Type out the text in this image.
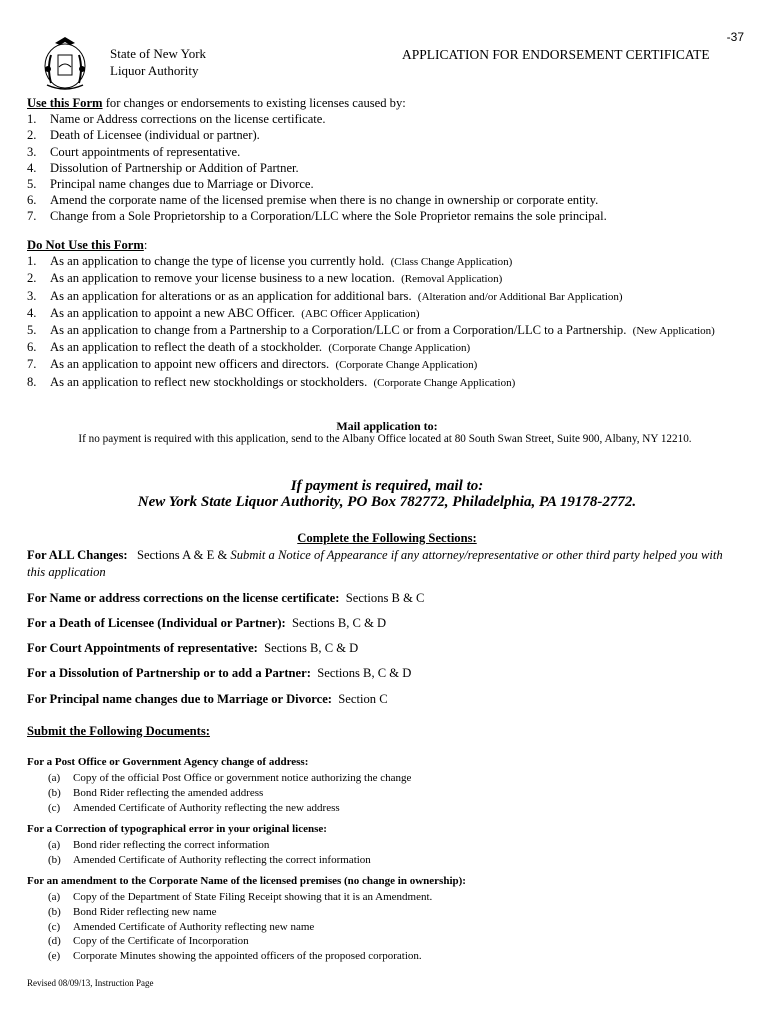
-37
State of New York
Liquor Authority
APPLICATION FOR ENDORSEMENT CERTIFICATE
Use this Form for changes or endorsements to existing licenses caused by:
1. Name or Address corrections on the license certificate.
2. Death of Licensee (individual or partner).
3. Court appointments of representative.
4. Dissolution of Partnership or Addition of Partner.
5. Principal name changes due to Marriage or Divorce.
6. Amend the corporate name of the licensed premise when there is no change in ownership or corporate entity.
7. Change from a Sole Proprietorship to a Corporation/LLC where the Sole Proprietor remains the sole principal.
Do Not Use this Form:
1. As an application to change the type of license you currently hold. (Class Change Application)
2. As an application to remove your license business to a new location. (Removal Application)
3. As an application for alterations or as an application for additional bars. (Alteration and/or Additional Bar Application)
4. As an application to appoint a new ABC Officer. (ABC Officer Application)
5. As an application to change from a Partnership to a Corporation/LLC or from a Corporation/LLC to a Partnership. (New Application)
6. As an application to reflect the death of a stockholder. (Corporate Change Application)
7. As an application to appoint new officers and directors. (Corporate Change Application)
8. As an application to reflect new stockholdings or stockholders. (Corporate Change Application)
Mail application to:
If no payment is required with this application, send to the Albany Office located at 80 South Swan Street, Suite 900, Albany, NY 12210.
If payment is required, mail to:
New York State Liquor Authority, PO Box 782772, Philadelphia, PA 19178-2772.
Complete the Following Sections:
For ALL Changes: Sections A & E & Submit a Notice of Appearance if any attorney/representative or other third party helped you with this application
For Name or address corrections on the license certificate: Sections B & C
For a Death of Licensee (Individual or Partner): Sections B, C & D
For Court Appointments of representative: Sections B, C & D
For a Dissolution of Partnership or to add a Partner: Sections B, C & D
For Principal name changes due to Marriage or Divorce: Section C
Submit the Following Documents:
For a Post Office or Government Agency change of address:
(a) Copy of the official Post Office or government notice authorizing the change
(b) Bond Rider reflecting the amended address
(c) Amended Certificate of Authority reflecting the new address
For a Correction of typographical error in your original license:
(a) Bond rider reflecting the correct information
(b) Amended Certificate of Authority reflecting the correct information
For an amendment to the Corporate Name of the licensed premises (no change in ownership):
(a) Copy of the Department of State Filing Receipt showing that it is an Amendment.
(b) Bond Rider reflecting new name
(c) Amended Certificate of Authority reflecting new name
(d) Copy of the Certificate of Incorporation
(e) Corporate Minutes showing the appointed officers of the proposed corporation.
Revised 08/09/13, Instruction Page
